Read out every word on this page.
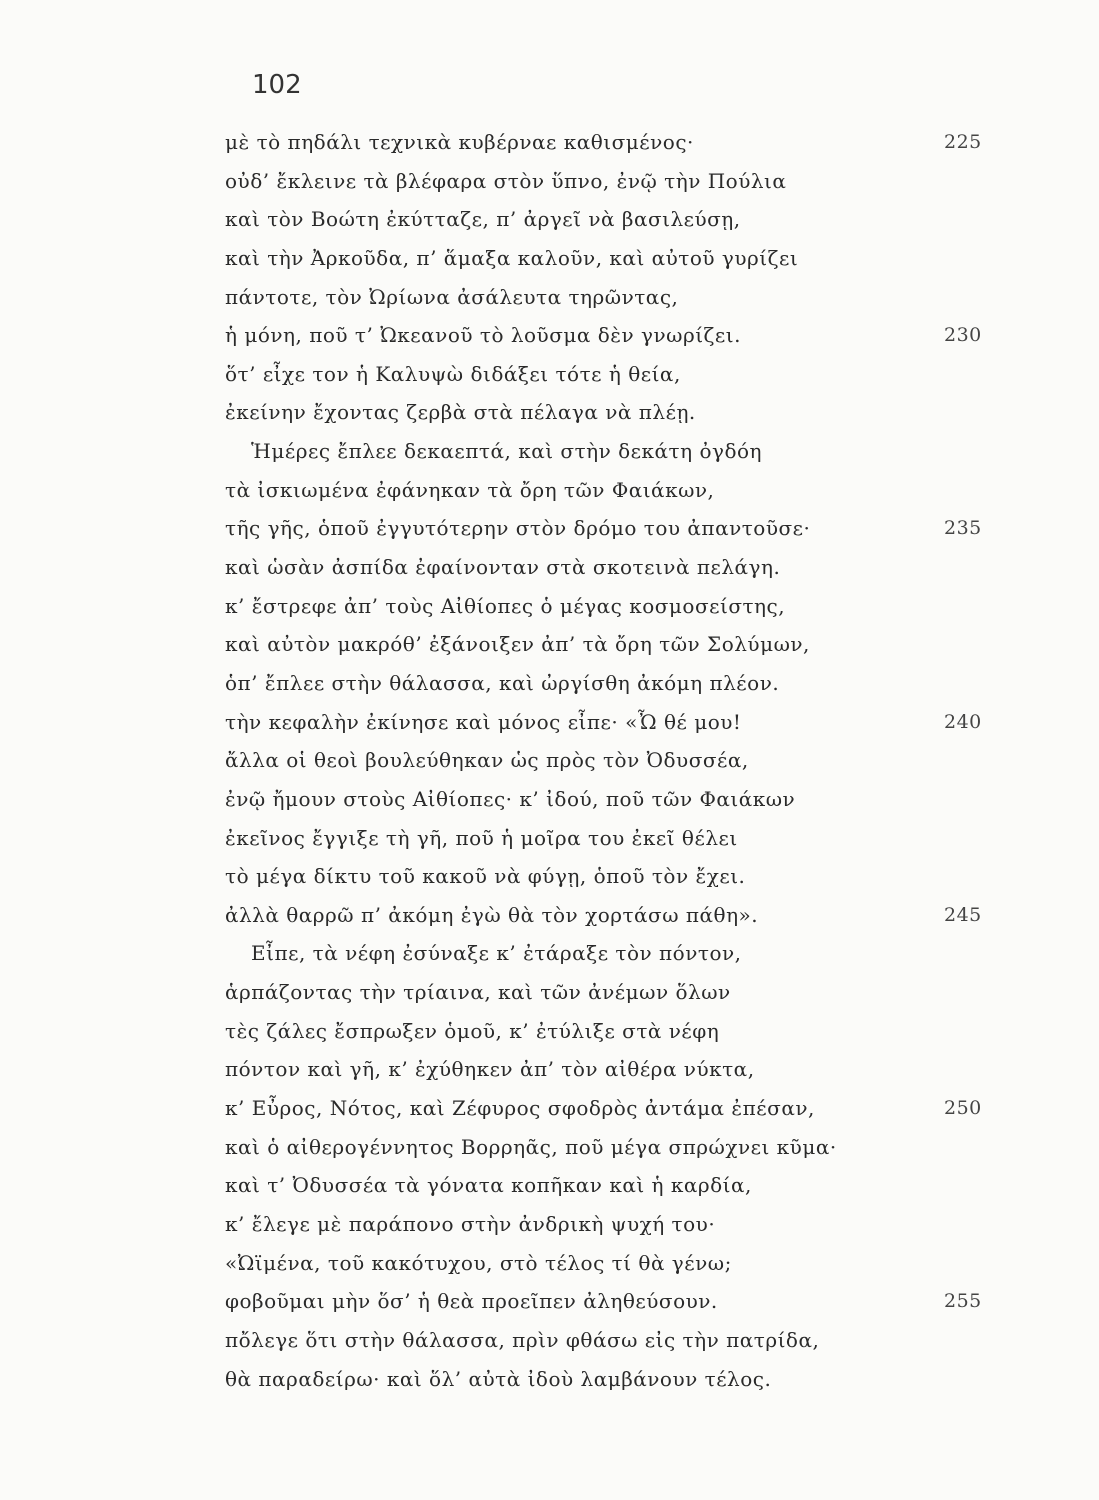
102
μὲ τὸ πηδάλι τεχνικὰ κυβέρναε καθισμένος·	225
οὐδ’ ἔκλεινε τὰ βλέφαρα στὸν ὕπνο, ἐνῷ τὴν Πούλια
καὶ τὸν Βοώτη ἐκύτταζε, π’ ἀργεῖ νὰ βασιλεύσῃ,
καὶ τὴν Ἀρκοῦδα, π’ ἅμαξα καλοῦν, καὶ αὐτοῦ γυρίζει
πάντοτε, τὸν Ὠρίωνα ἀσάλευτα τηρῶντας,
ἡ μόνη, ποῦ τ’ Ὠκεανοῦ τὸ λοῦσμα δὲν γνωρίζει.	230
ὅτ’ εἶχε τον ἡ Καλυψὼ διδάξει τότε ἡ θεία,
ἐκείνην ἔχοντας ζερβὰ στὰ πέλαγα νὰ πλέῃ.
Ἡμέρες ἔπλεε δεκαεπτά, καὶ στὴν δεκάτη ὀγδόη
τὰ ἰσκιωμένα ἐφάνηκαν τὰ ὄρη τῶν Φαιάκων,
τῆς γῆς, ὁποῦ ἐγγυτότερην στὸν δρόμο του ἀπαντοῦσε·	235
καὶ ὡσὰν ἀσπίδα ἐφαίνονταν στὰ σκοτεινὰ πελάγη.
κ’ ἔστρεφε ἀπ’ τοὺς Αἰθίοπες ὁ μέγας κοσμοσείστης,
καὶ αὐτὸν μακρόθ’ ἐξάνοιξεν ἀπ’ τὰ ὄρη τῶν Σολύμων,
ὁπ’ ἔπλεε στὴν θάλασσα, καὶ ὠργίσθη ἀκόμη πλέον.
τὴν κεφαλὴν ἐκίνησε καὶ μόνος εἶπε· «Ὦ θέ μου!	240
ἄλλα οἱ θεοὶ βουλεύθηκαν ὡς πρὸς τὸν Ὀδυσσέα,
ἐνῷ ἤμουν στοὺς Αἰθίοπες· κ’ ἰδού, ποῦ τῶν Φαιάκων
ἐκεῖνος ἔγγιξε τὴ γῆ, ποῦ ἡ μοῖρα του ἐκεῖ θέλει
τὸ μέγα δίκτυ τοῦ κακοῦ νὰ φύγῃ, ὁποῦ τὸν ἔχει.
ἀλλὰ θαρρῶ π’ ἀκόμη ἐγὼ θὰ τὸν χορτάσω πάθη».	245
Εἶπε, τὰ νέφη ἐσύναξε κ’ ἐτάραξε τὸν πόντον,
ἁρπάζοντας τὴν τρίαινα, καὶ τῶν ἀνέμων ὅλων
τὲς ζάλες ἔσπρωξεν ὁμοῦ, κ’ ἐτύλιξε στὰ νέφη
πόντον καὶ γῆ, κ’ ἐχύθηκεν ἀπ’ τὸν αἰθέρα νύκτα,
κ’ Εὖρος, Νότος, καὶ Ζέφυρος σφοδρὸς ἀντάμα ἐπέσαν,	250
καὶ ὁ αἰθερογέννητος Βορρηᾶς, ποῦ μέγα σπρώχνει κῦμα·
καὶ τ’ Ὀδυσσέα τὰ γόνατα κοπῆκαν καὶ ἡ καρδία,
κ’ ἔλεγε μὲ παράπονο στὴν ἀνδρικὴ ψυχή του·
«Ὠϊμένα, τοῦ κακότυχου, στὸ τέλος τί θὰ γένω;
φοβοῦμαι μὴν ὅσ’ ἡ θεὰ προεῖπεν ἀληθεύσουν.	255
πὄλεγε ὅτι στὴν θάλασσα, πρὶν φθάσω εἰς τὴν πατρίδα,
θὰ παραδείρω· καὶ ὅλ’ αὐτὰ ἰδοὺ λαμβάνουν τέλος.
